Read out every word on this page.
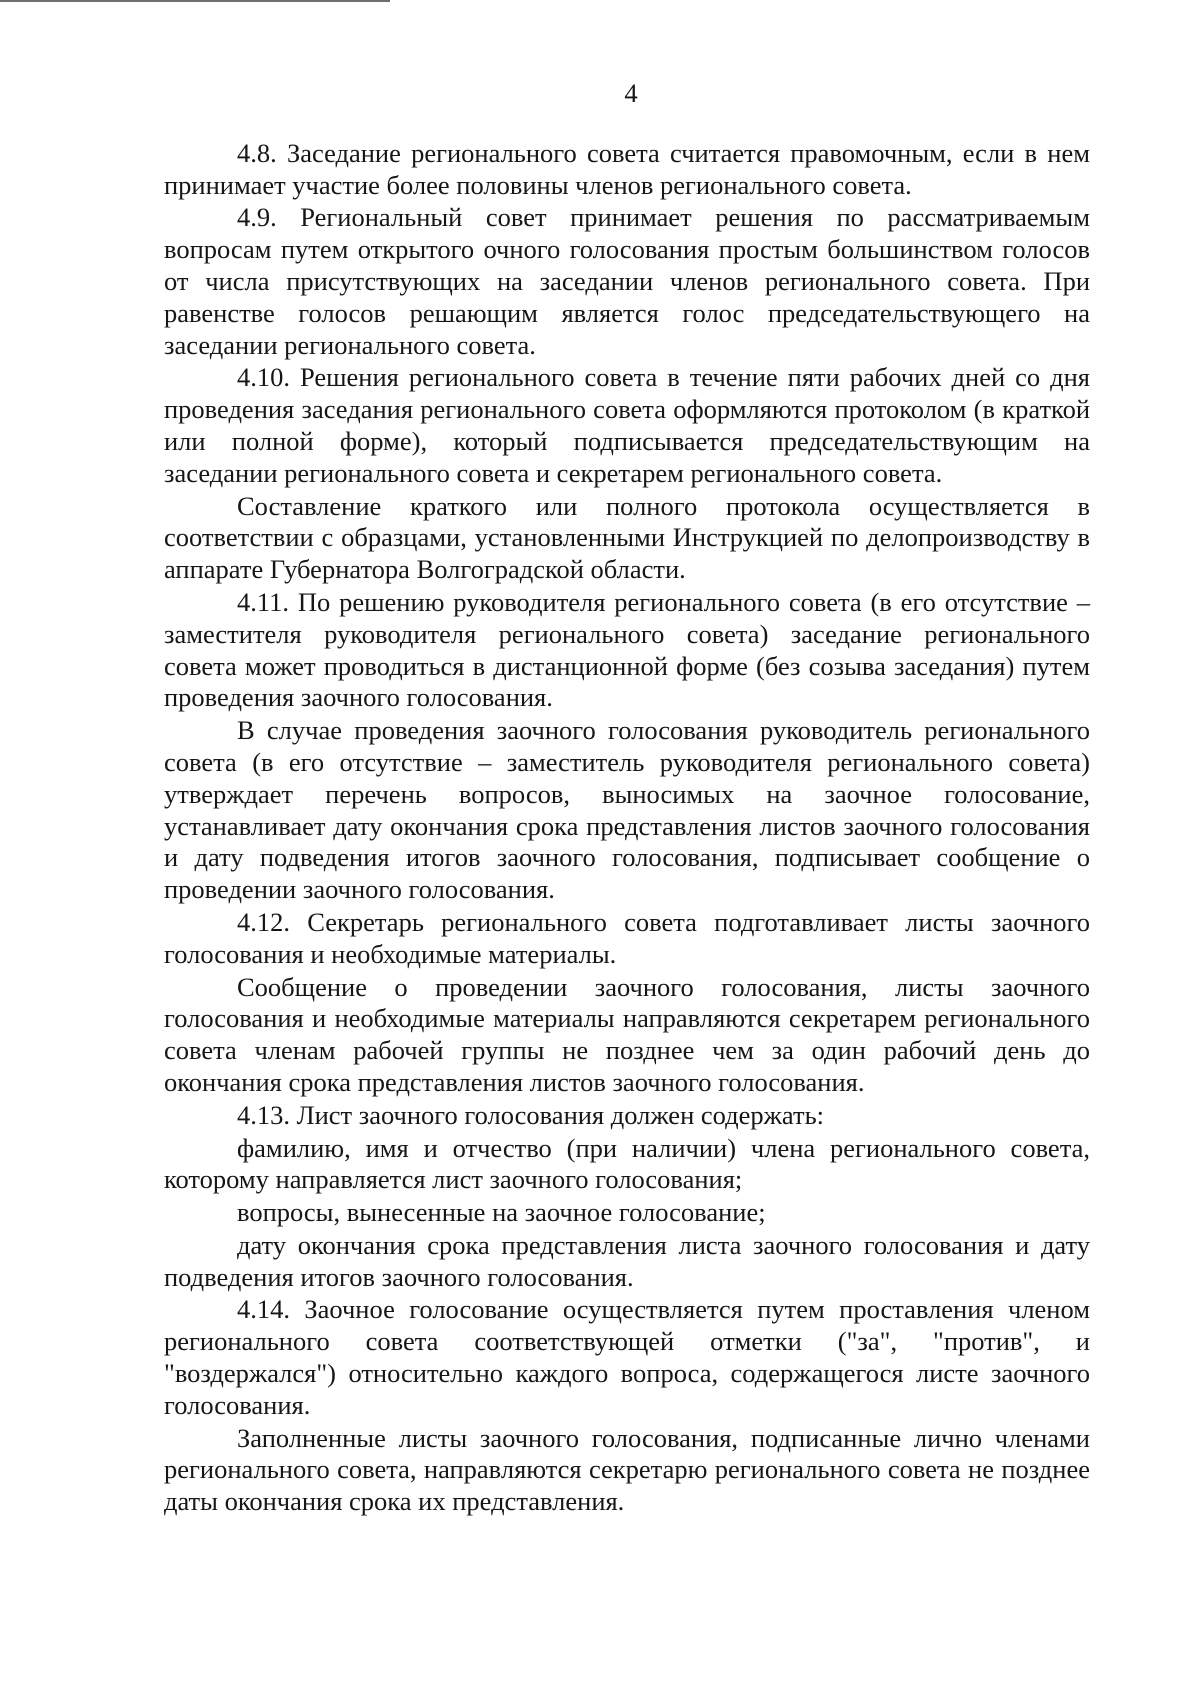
4

4.8. Заседание регионального совета считается правомочным, если в нем принимает участие более половины членов регионального совета.

4.9. Региональный совет принимает решения по рассматриваемым вопросам путем открытого очного голосования простым большинством голосов от числа присутствующих на заседании членов регионального совета. При равенстве голосов решающим является голос председательствующего на заседании регионального совета.

4.10. Решения регионального совета в течение пяти рабочих дней со дня проведения заседания регионального совета оформляются протоколом (в краткой или полной форме), который подписывается председательствующим на заседании регионального совета и секретарем регионального совета.

Составление краткого или полного протокола осуществляется в соответствии с образцами, установленными Инструкцией по делопроизводству в аппарате Губернатора Волгоградской области.

4.11. По решению руководителя регионального совета (в его отсутствие – заместителя руководителя регионального совета) заседание регионального совета может проводиться в дистанционной форме (без созыва заседания) путем проведения заочного голосования.

В случае проведения заочного голосования руководитель регионального совета (в его отсутствие – заместитель руководителя регионального совета) утверждает перечень вопросов, выносимых на заочное голосование, устанавливает дату окончания срока представления листов заочного голосования и дату подведения итогов заочного голосования, подписывает сообщение о проведении заочного голосования.

4.12. Секретарь регионального совета подготавливает листы заочного голосования и необходимые материалы.

Сообщение о проведении заочного голосования, листы заочного голосования и необходимые материалы направляются секретарем регионального совета членам рабочей группы не позднее чем за один рабочий день до окончания срока представления листов заочного голосования.

4.13. Лист заочного голосования должен содержать:

фамилию, имя и отчество (при наличии) члена регионального совета, которому направляется лист заочного голосования;

вопросы, вынесенные на заочное голосование;

дату окончания срока представления листа заочного голосования и дату подведения итогов заочного голосования.

4.14. Заочное голосование осуществляется путем проставления членом регионального совета соответствующей отметки ("за", "против", и "воздержался") относительно каждого вопроса, содержащегося листе заочного голосования.

Заполненные листы заочного голосования, подписанные лично членами регионального совета, направляются секретарю регионального совета не позднее даты окончания срока их представления.
